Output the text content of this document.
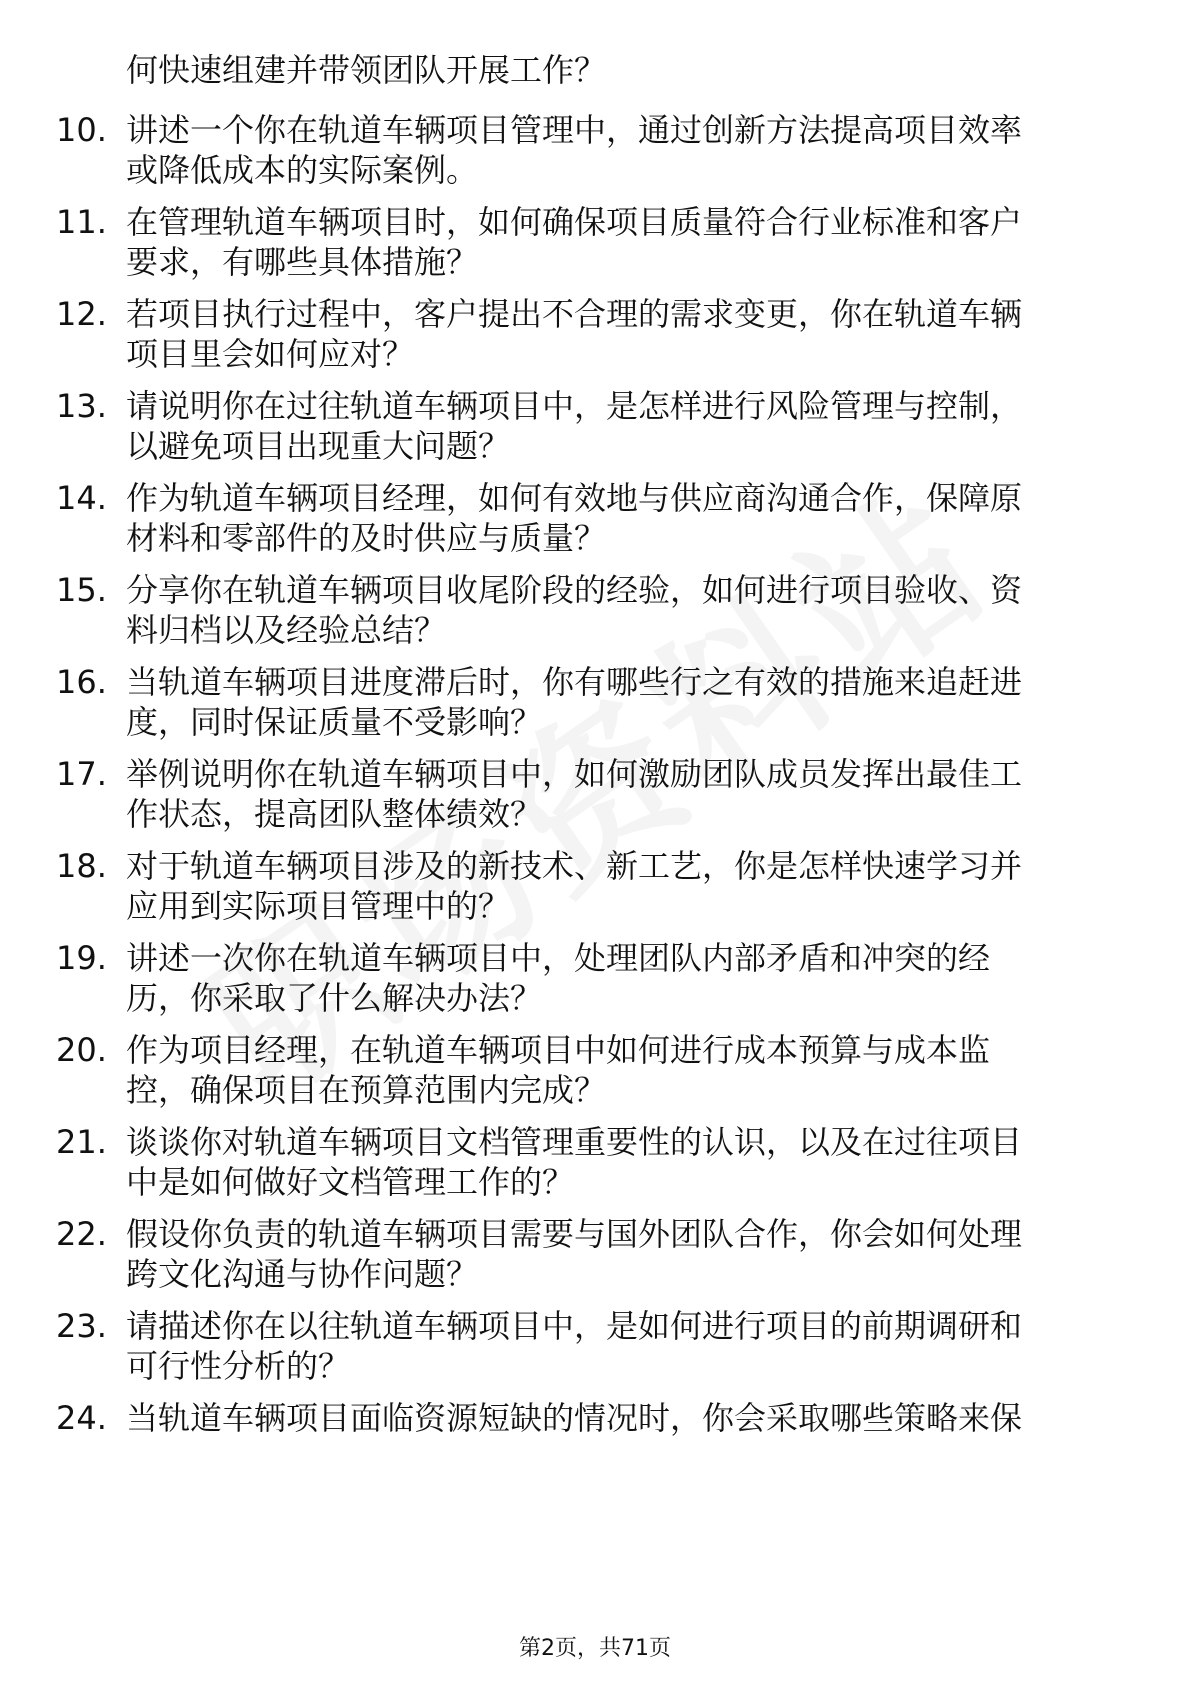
何快速组建并带领团队开展工作？
10. 讲述一个你在轨道车辆项目管理中，通过创新方法提高项目效率
或降低成本的实际案例。
11. 在管理轨道车辆项目时，如何确保项目质量符合行业标准和客户
要求，有哪些具体措施？
12. 若项目执行过程中，客户提出不合理的需求变更，你在轨道车辆
项目里会如何应对？
13. 请说明你在过往轨道车辆项目中，是怎样进行风险管理与控制，
以避免项目出现重大问题？
14. 作为轨道车辆项目经理，如何有效地与供应商沟通合作，保障原
材料和零部件的及时供应与质量？
15. 分享你在轨道车辆项目收尾阶段的经验，如何进行项目验收、资
料归档以及经验总结？
16. 当轨道车辆项目进度滞后时，你有哪些行之有效的措施来追赶进
度，同时保证质量不受影响？
17. 举例说明你在轨道车辆项目中，如何激励团队成员发挥出最佳工
作状态，提高团队整体绩效？
18. 对于轨道车辆项目涉及的新技术、新工艺，你是怎样快速学习并
应用到实际项目管理中的？
19. 讲述一次你在轨道车辆项目中，处理团队内部矛盾和冲突的经
历，你采取了什么解决办法？
20. 作为项目经理，在轨道车辆项目中如何进行成本预算与成本监
控，确保项目在预算范围内完成？
21. 谈谈你对轨道车辆项目文档管理重要性的认识，以及在过往项目
中是如何做好文档管理工作的？
22. 假设你负责的轨道车辆项目需要与国外团队合作，你会如何处理
跨文化沟通与协作问题？
23. 请描述你在以往轨道车辆项目中，是如何进行项目的前期调研和
可行性分析的？
24. 当轨道车辆项目面临资源短缺的情况时，你会采取哪些策略来保
第2页，共71页
